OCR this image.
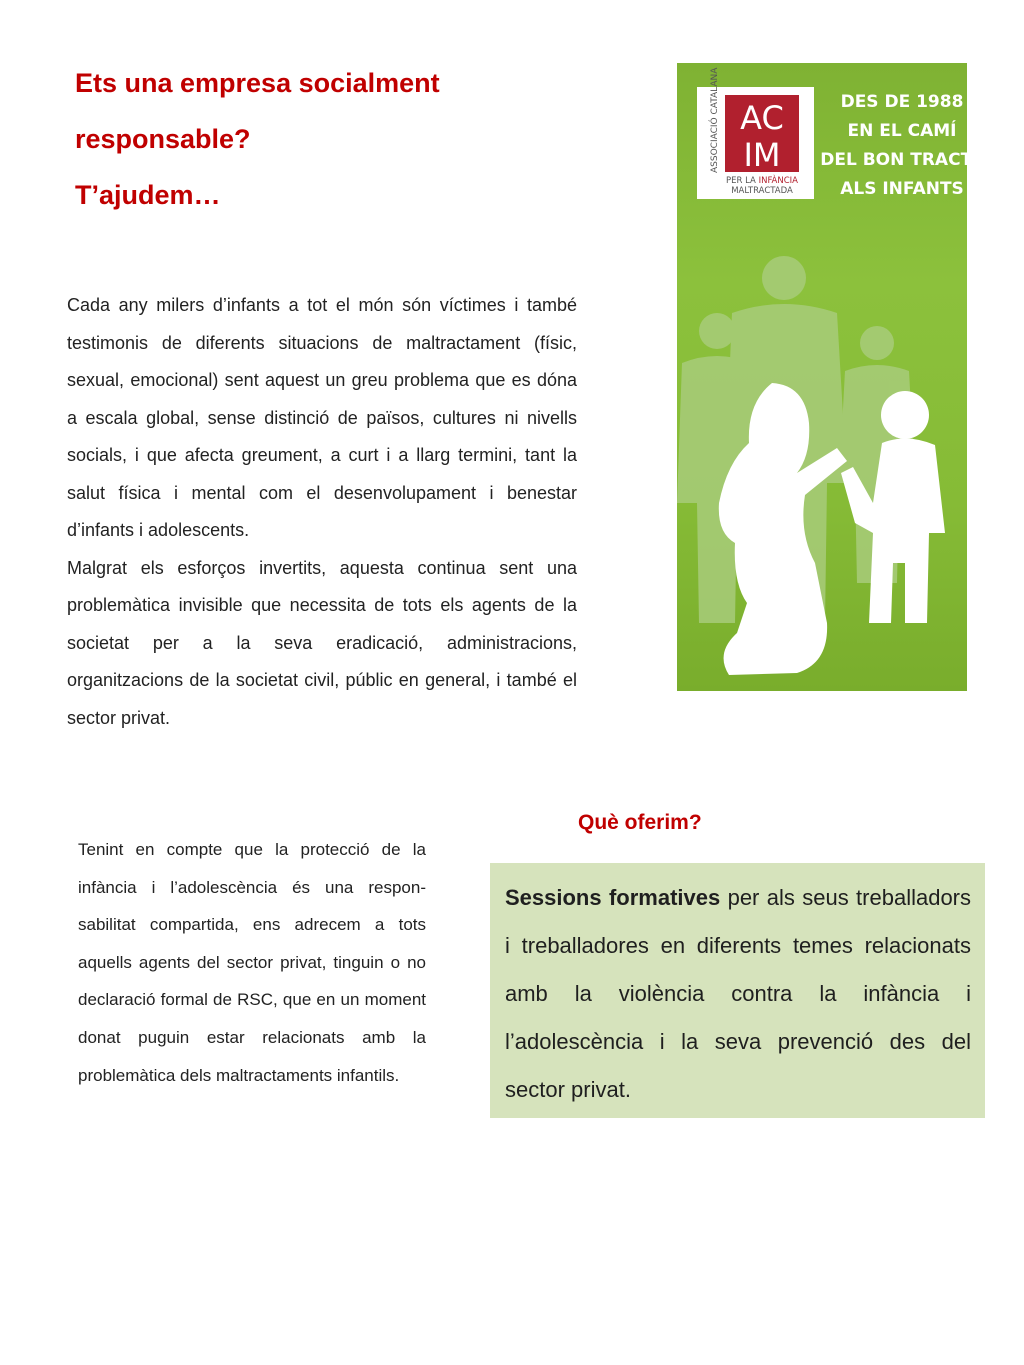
Ets una empresa socialment
responsable?
T’ajudem…

Cada any milers d’infants a tot el món són víctimes i també testimonis de diferents situacions de maltractament (físic, sexual, emocional) sent aquest un greu problema que es dóna a escala global, sense distinció de països, cultures ni nivells socials, i que afecta greument, a curt i a llarg termini, tant la salut física i mental com el desenvolupament i benestar d’infants i adolescents.

Malgrat els esforços invertits, aquesta continua sent una problemàtica invisible que necessita de tots els agents de la societat per a la seva eradicació, administracions, organitzacions de la societat civil, públic en general, i també el sector privat.

AC
IM
ASSOCIACIÓ CATALANA
PER LA INFÀNCIA
MALTRACTADA
DES DE 1988
EN EL CAMÍ
DEL BON TRACTE
ALS INFANTS
Què oferim?
Tenint en compte que la protecció de la infància i l’adolescència és una respon-sabilitat compartida, ens adrecem a tots aquells agents del sector privat, tinguin o no declaració formal de RSC, que en un moment donat puguin estar relacionats amb la problemàtica dels maltractaments infantils.

Sessions formatives per als seus treballadors i treballadores en diferents temes relacionats amb la violència contra la infància i l’adolescència i la seva prevenció des del sector privat.
